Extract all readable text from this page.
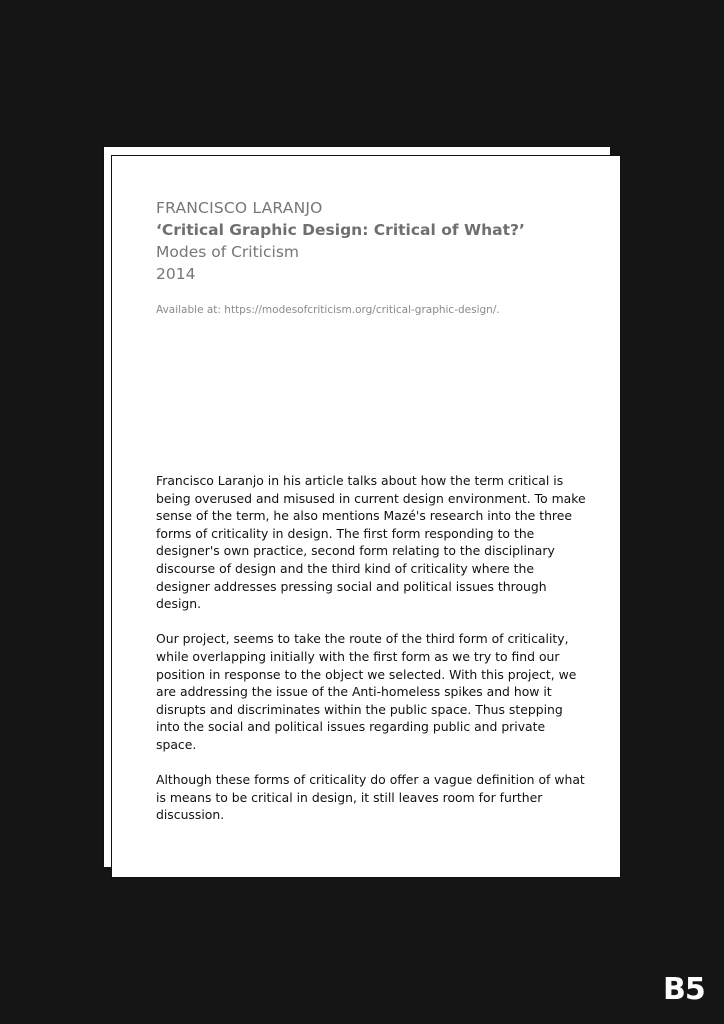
FRANCISCO LARANJO
‘Critical Graphic Design: Critical of What?’
Modes of Criticism
2014
Available at: https://modesofcriticism.org/critical-graphic-design/.

Francisco Laranjo in his article talks about how the term critical is being overused and misused in current design environment. To make sense of the term, he also mentions Mazé's research into the three forms of criticality in design. The first form responding to the designer's own practice, second form relating to the disciplinary discourse of design and the third kind of criticality where the designer addresses pressing social and political issues through design.

Our project, seems to take the route of the third form of criticality, while overlapping initially with the first form as we try to find our position in response to the object we selected. With this project, we are addressing the issue of the Anti-homeless spikes and how it disrupts and discriminates within the public space. Thus stepping into the social and political issues regarding public and private space.

Although these forms of criticality do offer a vague definition of what is means to be critical in design, it still leaves room for further discussion.

B5
